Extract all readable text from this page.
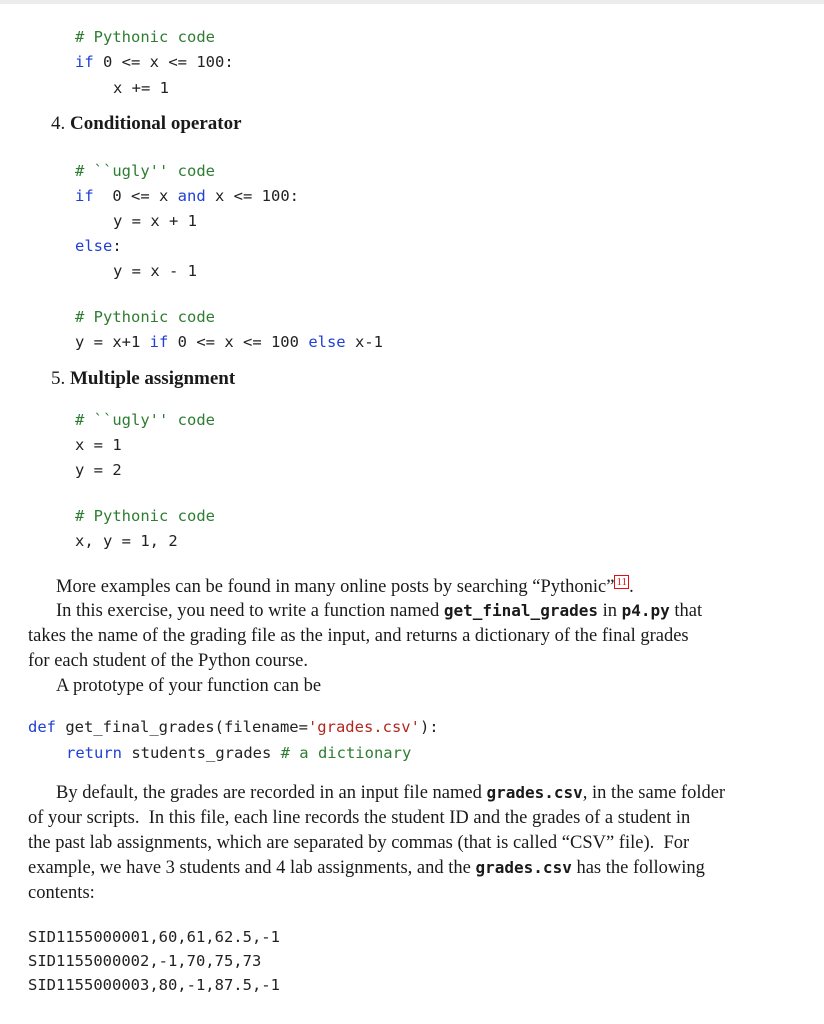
# Pythonic code
if 0 <= x <= 100:
x += 1
4. Conditional operator
# ``ugly'' code
if  0 <= x and x <= 100:
y = x + 1
else:
y = x - 1
# Pythonic code
y = x+1 if 0 <= x <= 100 else x-1
5. Multiple assignment
# ``ugly'' code
x = 1
y = 2
# Pythonic code
x, y = 1, 2
More examples can be found in many online posts by searching “Pythonic” $^{11}$ .
In this exercise, you need to write a function named get_final_grades in p4.py that
takes the name of the grading file as the input, and returns a dictionary of the final grades
for each student of the Python course.
A prototype of your function can be
def get_final_grades(filename='grades.csv'):
return students_grades # a dictionary
By default, the grades are recorded in an input file named grades.csv, in the same folder
of your scripts.  In this file, each line records the student ID and the grades of a student in
the past lab assignments, which are separated by commas (that is called “CSV” file).  For
example, we have 3 students and 4 lab assignments, and the grades.csv has the following
contents:
SID1155000001,60,61,62.5,-1
SID1155000002,-1,70,75,73
SID1155000003,80,-1,87.5,-1
